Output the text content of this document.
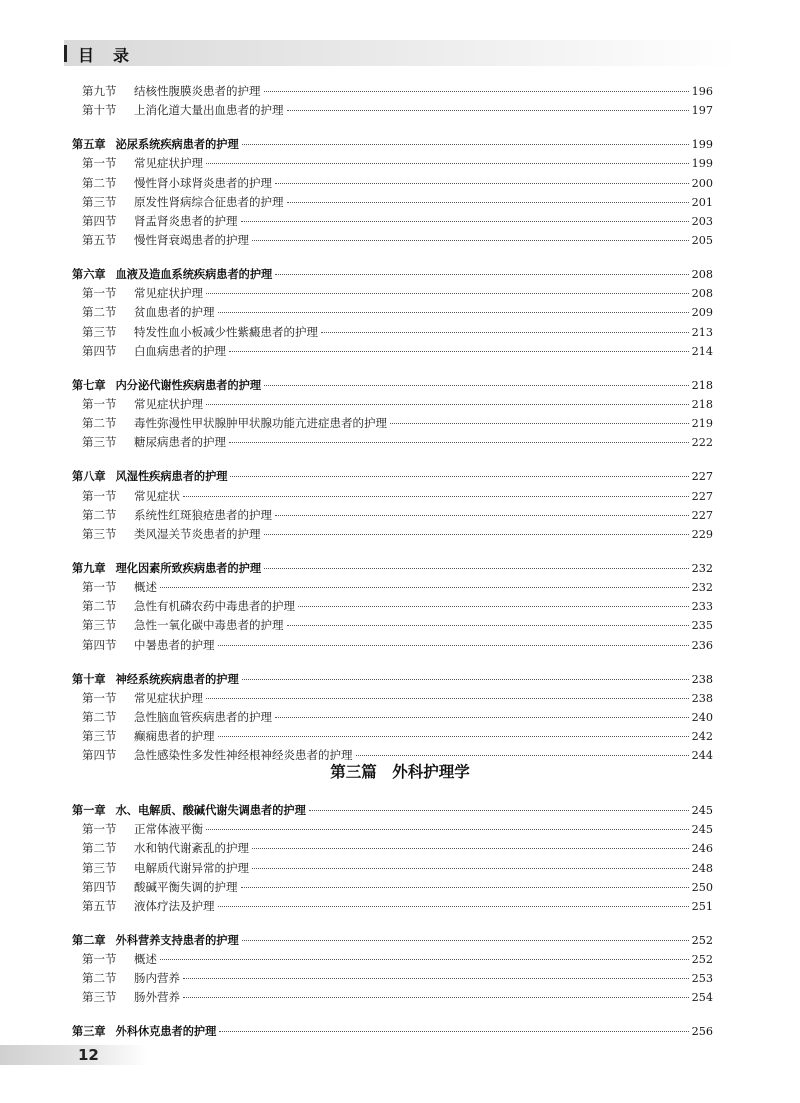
目录
第九节	结核性腹膜炎患者的护理	196
第十节	上消化道大量出血患者的护理	197
第五章 泌尿系统疾病患者的护理	199
第一节	常见症状护理	199
第二节	慢性肾小球肾炎患者的护理	200
第三节	原发性肾病综合征患者的护理	201
第四节	肾盂肾炎患者的护理	203
第五节	慢性肾衰竭患者的护理	205
第六章 血液及造血系统疾病患者的护理	208
第一节	常见症状护理	208
第二节	贫血患者的护理	209
第三节	特发性血小板减少性紫癜患者的护理	213
第四节	白血病患者的护理	214
第七章 内分泌代谢性疾病患者的护理	218
第一节	常见症状护理	218
第二节	毒性弥漫性甲状腺肿甲状腺功能亢进症患者的护理	219
第三节	糖尿病患者的护理	222
第八章 风湿性疾病患者的护理	227
第一节	常见症状	227
第二节	系统性红斑狼疮患者的护理	227
第三节	类风湿关节炎患者的护理	229
第九章 理化因素所致疾病患者的护理	232
第一节	概述	232
第二节	急性有机磷农药中毒患者的护理	233
第三节	急性一氧化碳中毒患者的护理	235
第四节	中暑患者的护理	236
第十章 神经系统疾病患者的护理	238
第一节	常见症状护理	238
第二节	急性脑血管疾病患者的护理	240
第三节	癫痫患者的护理	242
第四节	急性感染性多发性神经根神经炎患者的护理	244
第三篇　外科护理学
第一章 水、电解质、酸碱代谢失调患者的护理	245
第一节	正常体液平衡	245
第二节	水和钠代谢紊乱的护理	246
第三节	电解质代谢异常的护理	248
第四节	酸碱平衡失调的护理	250
第五节	液体疗法及护理	251
第二章 外科营养支持患者的护理	252
第一节	概述	252
第二节	肠内营养	253
第三节	肠外营养	254
第三章 外科休克患者的护理	256
12
